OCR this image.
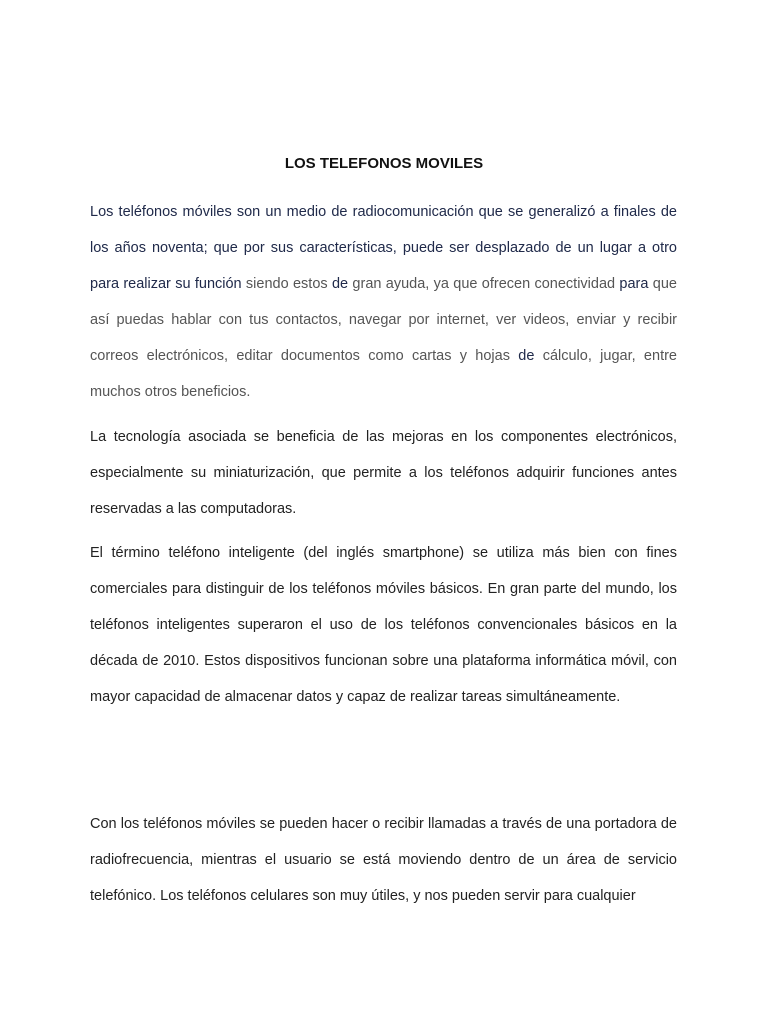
LOS TELEFONOS MOVILES

Los teléfonos móviles son un medio de radiocomunicación que se generalizó a finales de los años noventa; que por sus características, puede ser desplazado de un lugar a otro para realizar su función siendo estos de gran ayuda, ya que ofrecen conectividad para que así puedas hablar con tus contactos, navegar por internet, ver videos, enviar y recibir correos electrónicos, editar documentos como cartas y hojas de cálculo, jugar, entre muchos otros beneficios.

La tecnología asociada se beneficia de las mejoras en los componentes electrónicos, especialmente su miniaturización, que permite a los teléfonos adquirir funciones antes reservadas a las computadoras.

El término teléfono inteligente (del inglés smartphone) se utiliza más bien con fines comerciales para distinguir de los teléfonos móviles básicos. En gran parte del mundo, los teléfonos inteligentes superaron el uso de los teléfonos convencionales básicos en la década de 2010. Estos dispositivos funcionan sobre una plataforma informática móvil, con mayor capacidad de almacenar datos y capaz de realizar tareas simultáneamente.

Con los teléfonos móviles se pueden hacer o recibir llamadas a través de una portadora de radiofrecuencia, mientras el usuario se está moviendo dentro de un área de servicio telefónico. Los teléfonos celulares son muy útiles, y nos pueden servir para cualquier
